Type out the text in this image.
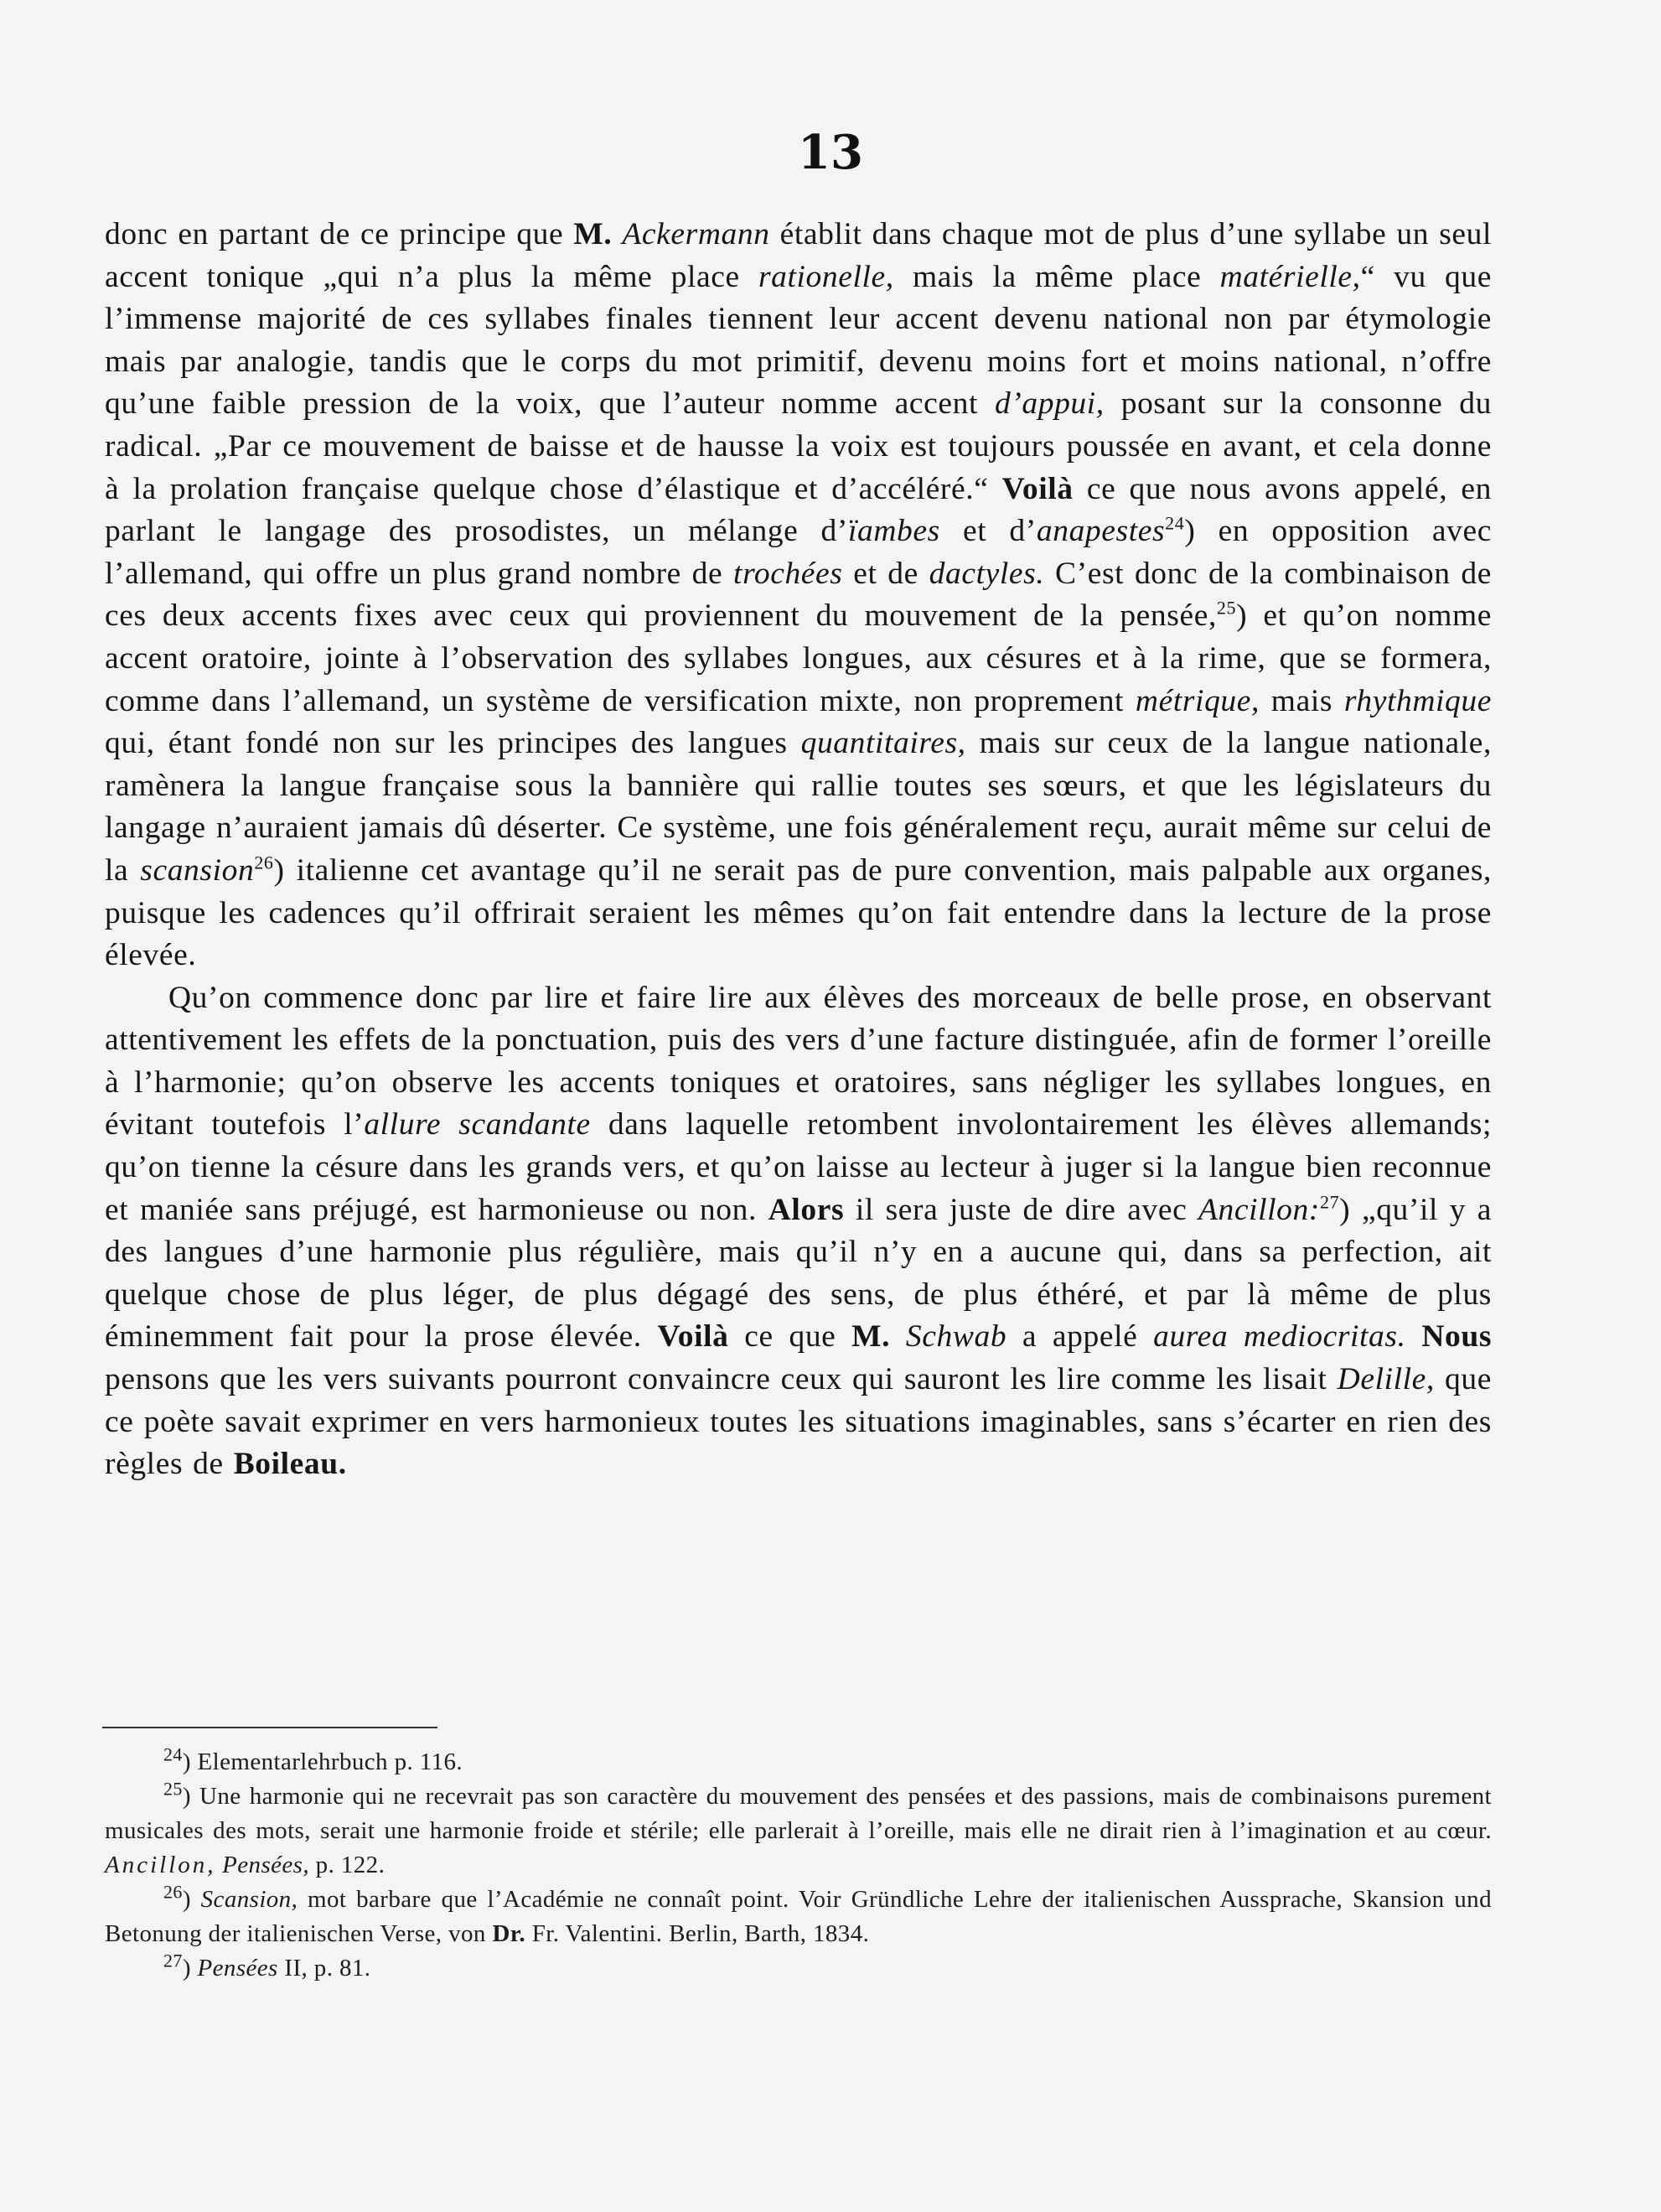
13

donc en partant de ce principe que M. Ackermann établit dans chaque mot de plus d’une syllabe un seul accent tonique „qui n’a plus la même place rationelle, mais la même place matérielle,“ vu que l’immense majorité de ces syllabes finales tiennent leur accent devenu national non par étymologie mais par analogie, tandis que le corps du mot primitif, devenu moins fort et moins national, n’offre qu’une faible pression de la voix, que l’auteur nomme accent d’appui, posant sur la consonne du radical. „Par ce mouvement de baisse et de hausse la voix est toujours poussée en avant, et cela donne à la prolation française quelque chose d’élastique et d’accéléré.“ Voilà ce que nous avons appelé, en parlant le langage des prosodistes, un mélange d’ïambes et d’anapestes$^{24}$) en opposition avec l’allemand, qui offre un plus grand nombre de trochées et de dactyles. C’est donc de la combinaison de ces deux accents fixes avec ceux qui proviennent du mouvement de la pensée,$^{25}$) et qu’on nomme accent oratoire, jointe à l’observation des syllabes longues, aux césures et à la rime, que se formera, comme dans l’allemand, un système de versification mixte, non proprement métrique, mais rhythmique qui, étant fondé non sur les principes des langues quantitaires, mais sur ceux de la langue nationale, ramènera la langue française sous la bannière qui rallie toutes ses sœurs, et que les législateurs du langage n’auraient jamais dû déserter. Ce système, une fois généralement reçu, aurait même sur celui de la scansion$^{26}$) italienne cet avantage qu’il ne serait pas de pure convention, mais palpable aux organes, puisque les cadences qu’il offrirait seraient les mêmes qu’on fait entendre dans la lecture de la prose élevée.

Qu’on commence donc par lire et faire lire aux élèves des morceaux de belle prose, en observant attentivement les effets de la ponctuation, puis des vers d’une facture distinguée, afin de former l’oreille à l’harmonie; qu’on observe les accents toniques et oratoires, sans négliger les syllabes longues, en évitant toutefois l’allure scandante dans laquelle retombent involontairement les élèves allemands; qu’on tienne la césure dans les grands vers, et qu’on laisse au lecteur à juger si la langue bien reconnue et maniée sans préjugé, est harmonieuse ou non. Alors il sera juste de dire avec Ancillon:$^{27}$) „qu’il y a des langues d’une harmonie plus régulière, mais qu’il n’y en a aucune qui, dans sa perfection, ait quelque chose de plus léger, de plus dégagé des sens, de plus éthéré, et par là même de plus éminemment fait pour la prose élevée. Voilà ce que M. Schwab a appelé aurea mediocritas. Nous pensons que les vers suivants pourront convaincre ceux qui sauront les lire comme les lisait Delille, que ce poète savait exprimer en vers harmonieux toutes les situations imaginables, sans s’écarter en rien des règles de Boileau.

$^{24}$) Elementarlehrbuch p. 116.

$^{25}$) Une harmonie qui ne recevrait pas son caractère du mouvement des pensées et des passions, mais de combinaisons purement musicales des mots, serait une harmonie froide et stérile; elle parlerait à l’oreille, mais elle ne dirait rien à l’imagination et au cœur. Ancillon, Pensées, p. 122.

$^{26}$) Scansion, mot barbare que l’Académie ne connaît point. Voir Gründliche Lehre der italienischen Aussprache, Skansion und Betonung der italienischen Verse, von Dr. Fr. Valentini. Berlin, Barth, 1834.

$^{27}$) Pensées II, p. 81.
